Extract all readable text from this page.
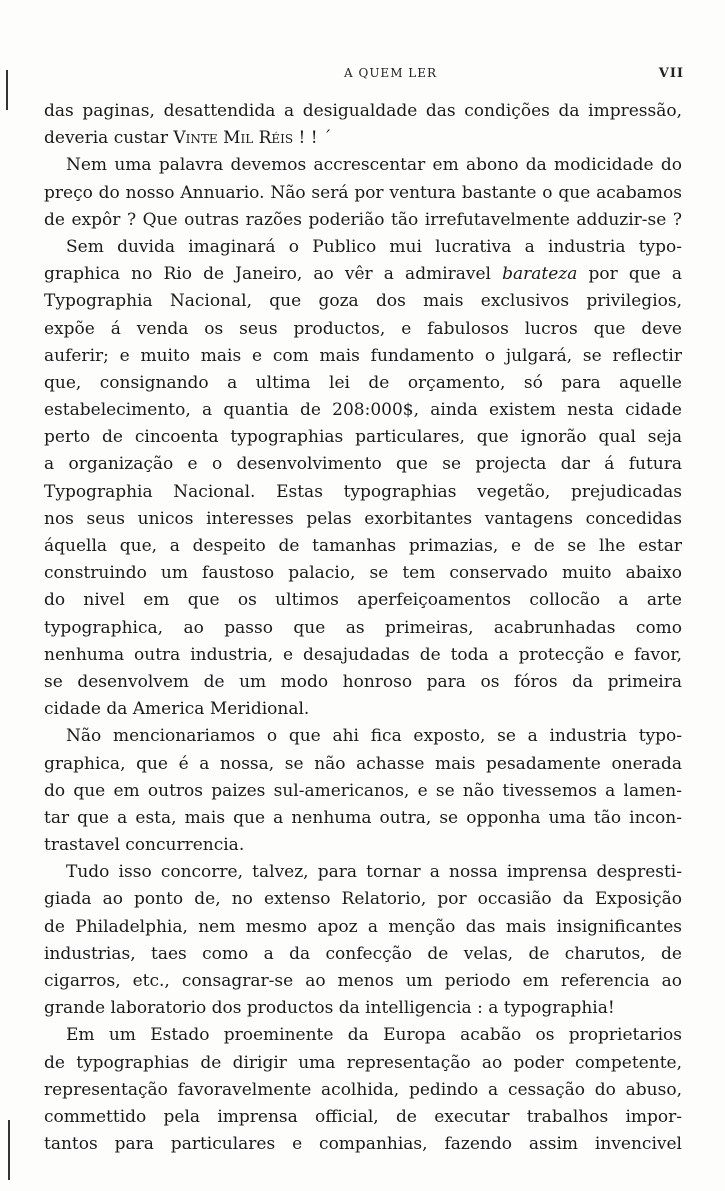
A QUEM LER	VII
das paginas, desattendida a desigualdade das condições da impressão,
deveria custar Vinte Mil Réis ! ! ´
Nem uma palavra devemos accrescentar em abono da modicidade do
preço do nosso Annuario. Não será por ventura bastante o que acabamos
de expôr ? Que outras razões poderião tão irrefutavelmente adduzir-se ?
Sem duvida imaginará o Publico mui lucrativa a industria typo-
graphica no Rio de Janeiro, ao vêr a admiravel barateza por que a
Typographia Nacional, que goza dos mais exclusivos privilegios,
expõe á venda os seus productos, e fabulosos lucros que deve
auferir; e muito mais e com mais fundamento o julgará, se reflectir
que, consignando a ultima lei de orçamento, só para aquelle
estabelecimento, a quantia de 208:000$, ainda existem nesta cidade
perto de cincoenta typographias particulares, que ignorão qual seja
a organização e o desenvolvimento que se projecta dar á futura
Typographia Nacional. Estas typographias vegetão, prejudicadas
nos seus unicos interesses pelas exorbitantes vantagens concedidas
áquella que, a despeito de tamanhas primazias, e de se lhe estar
construindo um faustoso palacio, se tem conservado muito abaixo
do nivel em que os ultimos aperfeiçoamentos collocão a arte
typographica, ao passo que as primeiras, acabrunhadas como
nenhuma outra industria, e desajudadas de toda a protecção e favor,
se desenvolvem de um modo honroso para os fóros da primeira
cidade da America Meridional.
Não mencionariamos o que ahi fica exposto, se a industria typo-
graphica, que é a nossa, se não achasse mais pesadamente onerada
do que em outros paizes sul-americanos, e se não tivessemos a lamen-
tar que a esta, mais que a nenhuma outra, se opponha uma tão incon-
trastavel concurrencia.
Tudo isso concorre, talvez, para tornar a nossa imprensa despresti-
giada ao ponto de, no extenso Relatorio, por occasião da Exposição
de Philadelphia, nem mesmo apoz a menção das mais insignificantes
industrias, taes como a da confecção de velas, de charutos, de
cigarros, etc., consagrar-se ao menos um periodo em referencia ao
grande laboratorio dos productos da intelligencia : a typographia!
Em um Estado proeminente da Europa acabão os proprietarios
de typographias de dirigir uma representação ao poder competente,
representação favoravelmente acolhida, pedindo a cessação do abuso,
commettido pela imprensa official, de executar trabalhos impor-
tantos para particulares e companhias, fazendo assim invencivel
